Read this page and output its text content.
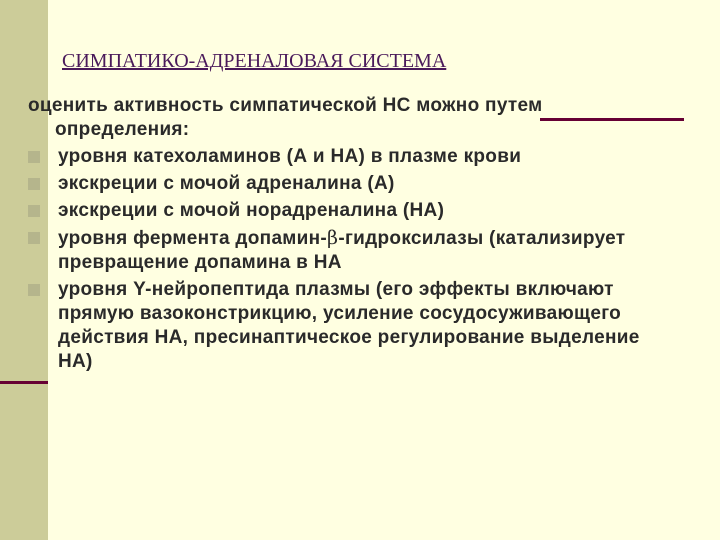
СИМПАТИКО-АДРЕНАЛОВАЯ СИСТЕМА
оценить активность симпатической НС можно путем определения:
уровня катехоламинов (А и НА) в плазме крови
экскреции с мочой адреналина (А)
экскреции с мочой норадреналина (НА)
уровня фермента допамин-β-гидроксилазы (катализирует превращение допамина в НА
уровня Y-нейропептида плазмы (его эффекты включают прямую вазоконстрикцию, усиление сосудосуживающего действия НА, пресинаптическое регулирование выделение НА)
